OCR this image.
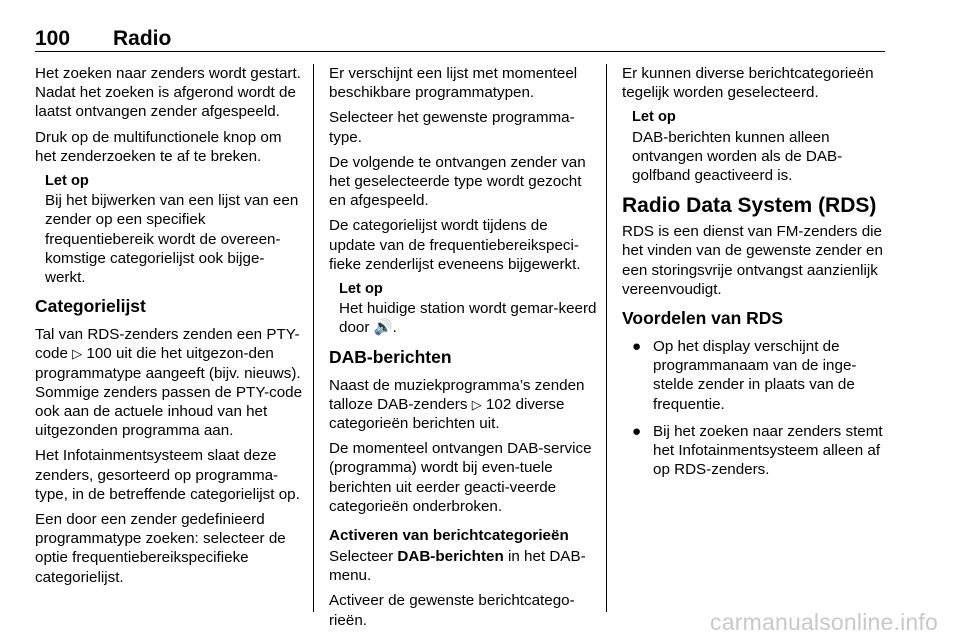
100 Radio

Het zoeken naar zenders wordt gestart. Nadat het zoeken is afgerond wordt de laatst ontvangen zender afgespeeld.

Druk op de multifunctionele knop om het zenderzoeken te af te breken.

Let op
Bij het bijwerken van een lijst van een zender op een specifiek frequentiebereik wordt de overeen-komstige categorielijst ook bijge-werkt.
Categorielijst

Tal van RDS-zenders zenden een PTY-code ▷ 100 uit die het uitgezon-den programmatype aangeeft (bijv. nieuws). Sommige zenders passen de PTY-code ook aan de actuele inhoud van het uitgezonden programma aan.

Het Infotainmentsysteem slaat deze zenders, gesorteerd op programma-type, in de betreffende categorielijst op.

Een door een zender gedefinieerd programmatype zoeken: selecteer de optie frequentiebereikspecifieke categorielijst.

Er verschijnt een lijst met momenteel beschikbare programmatypen.

Selecteer het gewenste programma-type.

De volgende te ontvangen zender van het geselecteerde type wordt gezocht en afgespeeld.

De categorielijst wordt tijdens de update van de frequentiebereikspeci-fieke zenderlijst eveneens bijgewerkt.

Let op
Het huidige station wordt gemar-keerd door 🔊.
DAB-berichten

Naast de muziekprogramma’s zenden talloze DAB-zenders ▷ 102 diverse categorieën berichten uit.

De momenteel ontvangen DAB-service (programma) wordt bij even-tuele berichten uit eerder geacti-veerde categorieën onderbroken.

Activeren van berichtcategorieën

Selecteer DAB-berichten in het DAB-menu.

Activeer de gewenste berichtcatego-rieën.

Er kunnen diverse berichtcategorieën tegelijk worden geselecteerd.

Let op
DAB-berichten kunnen alleen ontvangen worden als de DAB-golfband geactiveerd is.
Radio Data System (RDS)

RDS is een dienst van FM-zenders die het vinden van de gewenste zender en een storingsvrije ontvangst aanzienlijk vereenvoudigt.

Voordelen van RDS
● Op het display verschijnt de programmanaam van de inge-stelde zender in plaats van de frequentie.
● Bij het zoeken naar zenders stemt het Infotainmentsysteem alleen af op RDS-zenders.
carmanualsonline.info
